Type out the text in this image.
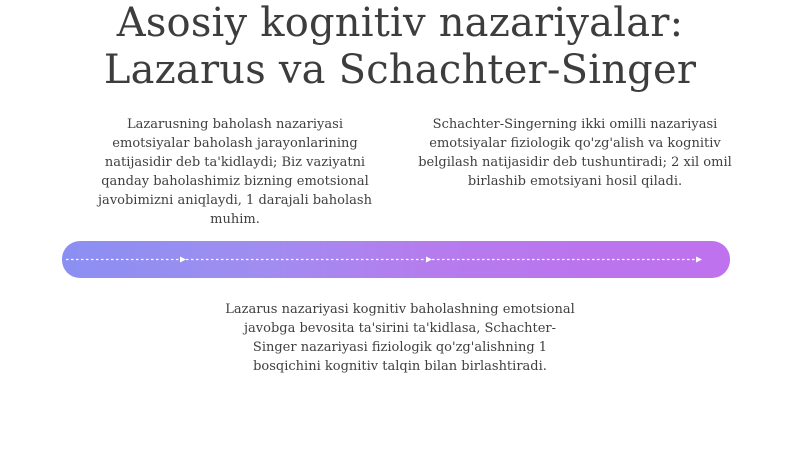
Asosiy kognitiv nazariyalar:
Lazarus va Schachter-Singer
Lazarusning baholash nazariyasi emotsiyalar baholash jarayonlarining natijasidir deb ta'kidlaydi; Biz vaziyatni qanday baholashimiz bizning emotsional javobimizni aniqlaydi, 1 darajali baholash muhim.
Schachter-Singerning ikki omilli nazariyasi emotsiyalar fiziologik qo'zg'alish va kognitiv belgilash natijasidir deb tushuntiradi; 2 xil omil birlashib emotsiyani hosil qiladi.
Lazarus nazariyasi kognitiv baholashning emotsional javobga bevosita ta'sirini ta'kidlasa, Schachter-Singer nazariyasi fiziologik qo'zg'alishning 1 bosqichini kognitiv talqin bilan birlashtiradi.
